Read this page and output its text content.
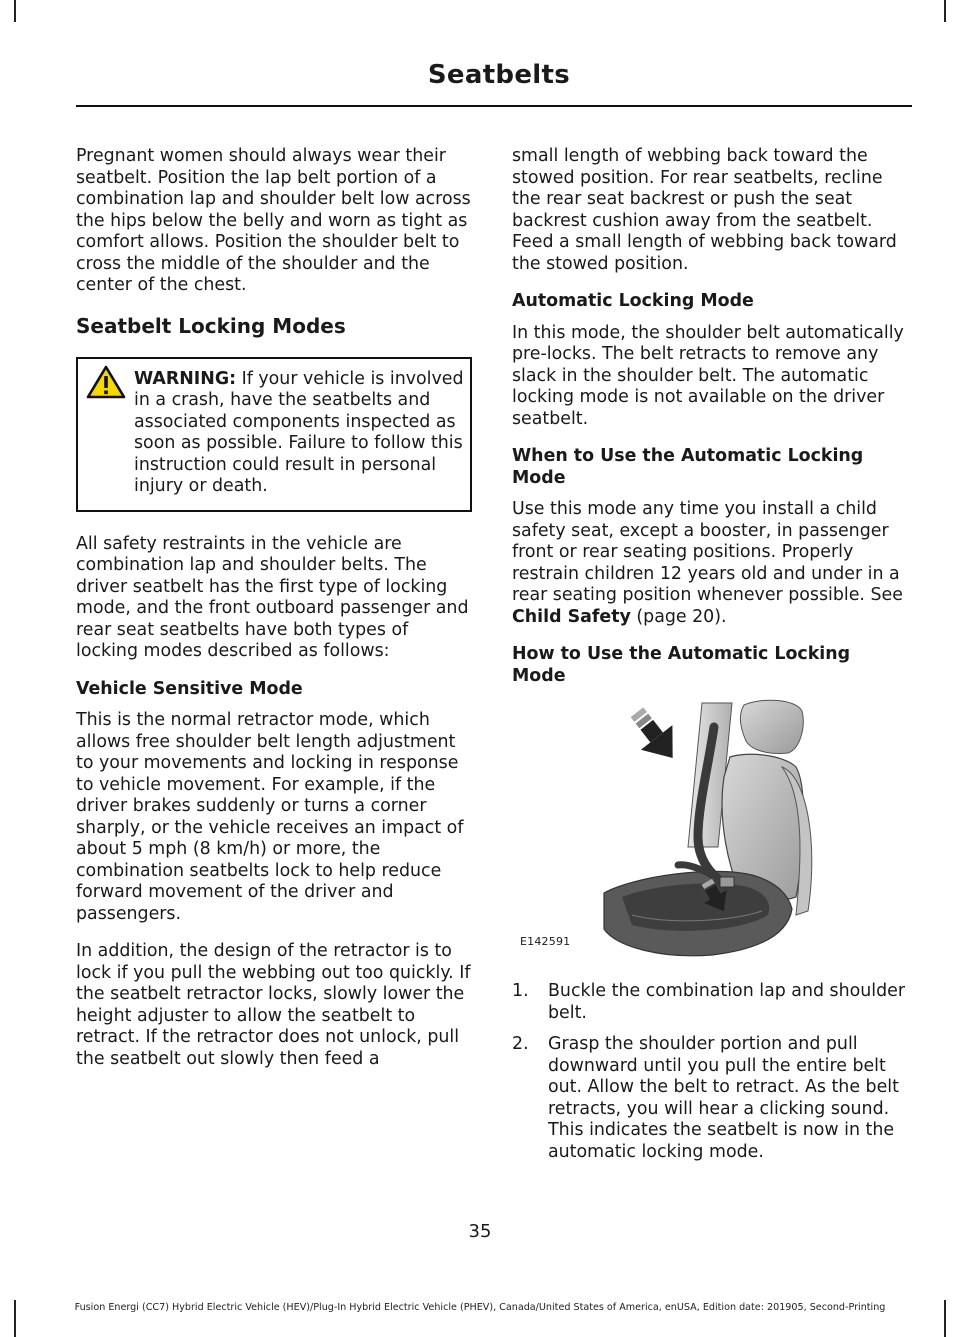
Seatbelts

Pregnant women should always wear their seatbelt. Position the lap belt portion of a combination lap and shoulder belt low across the hips below the belly and worn as tight as comfort allows. Position the shoulder belt to cross the middle of the shoulder and the center of the chest.

Seatbelt Locking Modes
WARNING: If your vehicle is involved in a crash, have the seatbelts and associated components inspected as soon as possible. Failure to follow this instruction could result in personal injury or death.

All safety restraints in the vehicle are combination lap and shoulder belts. The driver seatbelt has the first type of locking mode, and the front outboard passenger and rear seat seatbelts have both types of locking modes described as follows:

Vehicle Sensitive Mode

This is the normal retractor mode, which allows free shoulder belt length adjustment to your movements and locking in response to vehicle movement. For example, if the driver brakes suddenly or turns a corner sharply, or the vehicle receives an impact of about 5 mph (8 km/h) or more, the combination seatbelts lock to help reduce forward movement of the driver and passengers.

In addition, the design of the retractor is to lock if you pull the webbing out too quickly. If the seatbelt retractor locks, slowly lower the height adjuster to allow the seatbelt to retract. If the retractor does not unlock, pull the seatbelt out slowly then feed a

small length of webbing back toward the stowed position. For rear seatbelts, recline the rear seat backrest or push the seat backrest cushion away from the seatbelt. Feed a small length of webbing back toward the stowed position.

Automatic Locking Mode

In this mode, the shoulder belt automatically pre-locks. The belt retracts to remove any slack in the shoulder belt. The automatic locking mode is not available on the driver seatbelt.

When to Use the Automatic Locking Mode

Use this mode any time you install a child safety seat, except a booster, in passenger front or rear seating positions. Properly restrain children 12 years old and under in a rear seating position whenever possible. See Child Safety (page 20).

How to Use the Automatic Locking Mode
E142591
1.	Buckle the combination lap and shoulder belt.
2.	Grasp the shoulder portion and pull downward until you pull the entire belt out. Allow the belt to retract. As the belt retracts, you will hear a clicking sound. This indicates the seatbelt is now in the automatic locking mode.
35
Fusion Energi (CC7) Hybrid Electric Vehicle (HEV)/Plug-In Hybrid Electric Vehicle (PHEV), Canada/United States of America, enUSA, Edition date: 201905, Second-Printing
